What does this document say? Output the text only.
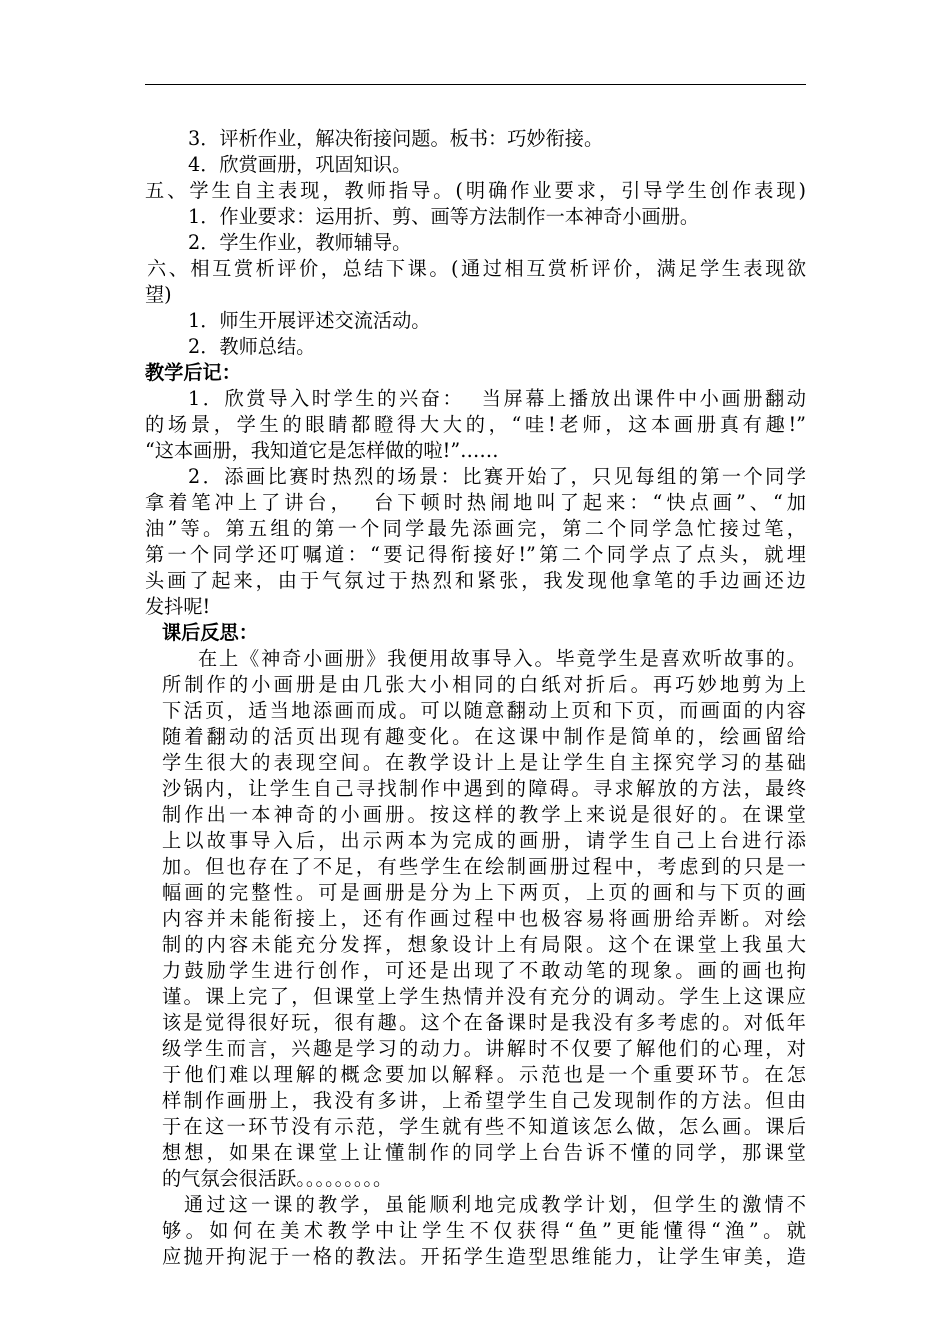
3．评析作业，解决衔接问题。板书：巧妙衔接。
4．欣赏画册，巩固知识。
五、学生自主表现，教师指导。(明确作业要求，引导学生创作表现)
1．作业要求：运用折、剪、画等方法制作一本神奇小画册。
2．学生作业，教师辅导。
六、相互赏析评价，总结下课。(通过相互赏析评价，满足学生表现欲
望)
1．师生开展评述交流活动。
2．教师总结。
教学后记：
1．欣赏导入时学生的兴奋：  当屏幕上播放出课件中小画册翻动
的场景，学生的眼睛都瞪得大大的，“哇!老师，这本画册真有趣!”
“这本画册，我知道它是怎样做的啦!”……
2．添画比赛时热烈的场景：比赛开始了，只见每组的第一个同学
拿着笔冲上了讲台，  台下顿时热闹地叫了起来：“快点画”、“加
油”等。第五组的第一个同学最先添画完，第二个同学急忙接过笔，
第一个同学还叮嘱道：“要记得衔接好!”第二个同学点了点头，就埋
头画了起来，由于气氛过于热烈和紧张，我发现他拿笔的手边画还边
发抖呢!
课后反思：
在上《神奇小画册》我便用故事导入。毕竟学生是喜欢听故事的。
所制作的小画册是由几张大小相同的白纸对折后。再巧妙地剪为上
下活页，适当地添画而成。可以随意翻动上页和下页，而画面的内容
随着翻动的活页出现有趣变化。在这课中制作是简单的，绘画留给
学生很大的表现空间。在教学设计上是让学生自主探究学习的基础
沙锅内，让学生自己寻找制作中遇到的障碍。寻求解放的方法，最终
制作出一本神奇的小画册。按这样的教学上来说是很好的。在课堂
上以故事导入后，出示两本为完成的画册，请学生自己上台进行添
加。但也存在了不足，有些学生在绘制画册过程中，考虑到的只是一
幅画的完整性。可是画册是分为上下两页，上页的画和与下页的画
内容并未能衔接上，还有作画过程中也极容易将画册给弄断。对绘
制的内容未能充分发挥，想象设计上有局限。这个在课堂上我虽大
力鼓励学生进行创作，可还是出现了不敢动笔的现象。画的画也拘
谨。课上完了，但课堂上学生热情并没有充分的调动。学生上这课应
该是觉得很好玩，很有趣。这个在备课时是我没有多考虑的。对低年
级学生而言，兴趣是学习的动力。讲解时不仅要了解他们的心理，对
于他们难以理解的概念要加以解释。示范也是一个重要环节。在怎
样制作画册上，我没有多讲，上希望学生自己发现制作的方法。但由
于在这一环节没有示范，学生就有些不知道该怎么做，怎么画。课后
想想，如果在课堂上让懂制作的同学上台告诉不懂的同学，那课堂
的气氛会很活跃。。。。。。。。。
通过这一课的教学，虽能顺利地完成教学计划，但学生的激情不
够。如何在美术教学中让学生不仅获得“鱼”更能懂得“渔”。就
应抛开拘泥于一格的教法。开拓学生造型思维能力，让学生审美，造
